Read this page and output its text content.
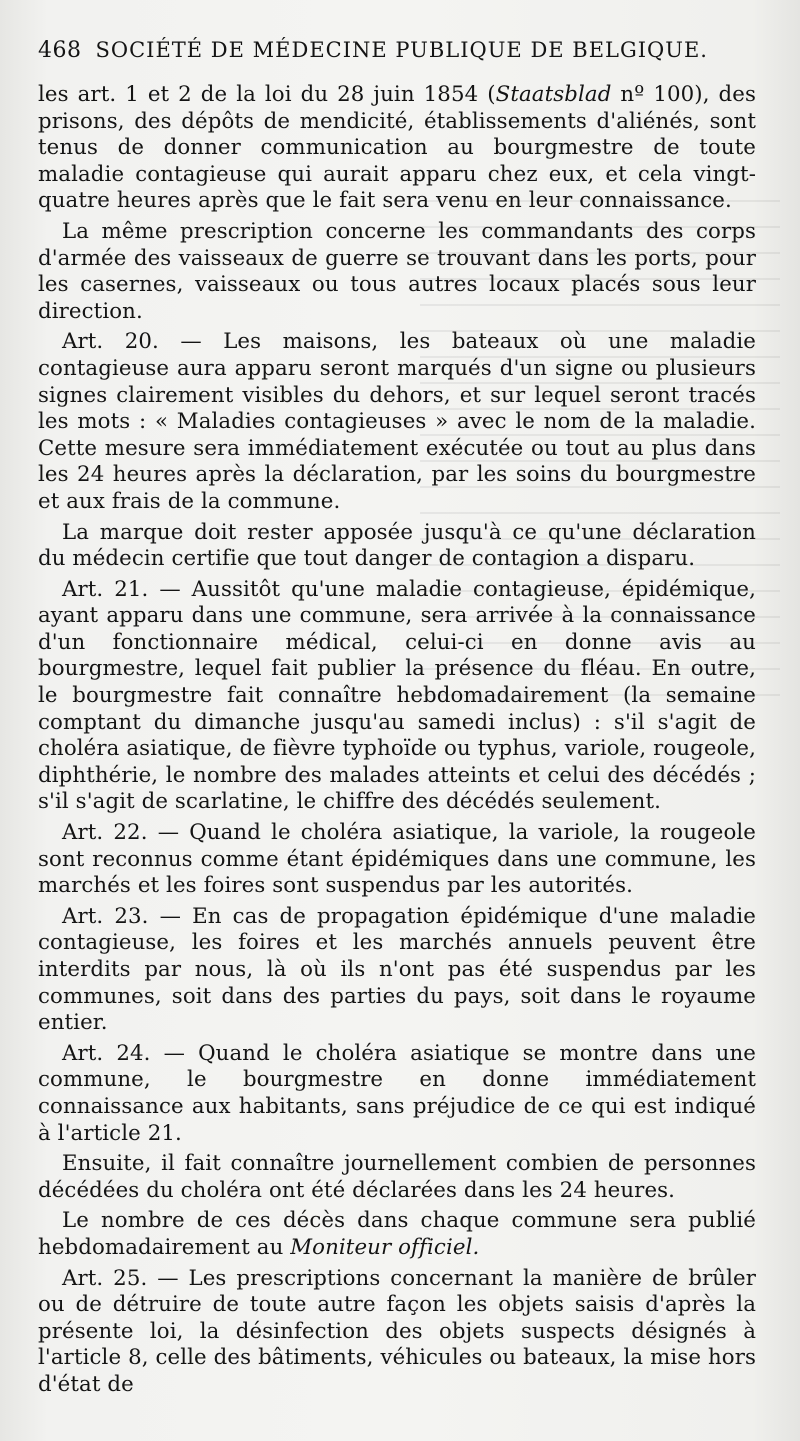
468 SOCIÉTÉ DE MÉDECINE PUBLIQUE DE BELGIQUE.

les art. 1 et 2 de la loi du 28 juin 1854 (Staatsblad nº 100), des prisons, des dépôts de mendicité, établissements d'aliénés, sont tenus de donner communication au bourgmestre de toute maladie contagieuse qui aurait apparu chez eux, et cela vingt-quatre heures après que le fait sera venu en leur connaissance.

La même prescription concerne les commandants des corps d'armée des vaisseaux de guerre se trouvant dans les ports, pour les casernes, vaisseaux ou tous autres locaux placés sous leur direction.

Art. 20. — Les maisons, les bateaux où une maladie contagieuse aura apparu seront marqués d'un signe ou plusieurs signes clairement visibles du dehors, et sur lequel seront tracés les mots : « Maladies contagieuses » avec le nom de la maladie. Cette mesure sera immédiatement exécutée ou tout au plus dans les 24 heures après la déclaration, par les soins du bourgmestre et aux frais de la commune.

La marque doit rester apposée jusqu'à ce qu'une déclaration du médecin certifie que tout danger de contagion a disparu.

Art. 21. — Aussitôt qu'une maladie contagieuse, épidémique, ayant apparu dans une commune, sera arrivée à la connaissance d'un fonctionnaire médical, celui-ci en donne avis au bourgmestre, lequel fait publier la présence du fléau. En outre, le bourgmestre fait connaître hebdomadairement (la semaine comptant du dimanche jusqu'au samedi inclus) : s'il s'agit de choléra asiatique, de fièvre typhoïde ou typhus, variole, rougeole, diphthérie, le nombre des malades atteints et celui des décédés ; s'il s'agit de scarlatine, le chiffre des décédés seulement.

Art. 22. — Quand le choléra asiatique, la variole, la rougeole sont reconnus comme étant épidémiques dans une commune, les marchés et les foires sont suspendus par les autorités.

Art. 23. — En cas de propagation épidémique d'une maladie contagieuse, les foires et les marchés annuels peuvent être interdits par nous, là où ils n'ont pas été suspendus par les communes, soit dans des parties du pays, soit dans le royaume entier.

Art. 24. — Quand le choléra asiatique se montre dans une commune, le bourgmestre en donne immédiatement connaissance aux habitants, sans préjudice de ce qui est indiqué à l'article 21.

Ensuite, il fait connaître journellement combien de personnes décédées du choléra ont été déclarées dans les 24 heures.

Le nombre de ces décès dans chaque commune sera publié hebdomadairement au Moniteur officiel.

Art. 25. — Les prescriptions concernant la manière de brûler ou de détruire de toute autre façon les objets saisis d'après la présente loi, la désinfection des objets suspects désignés à l'article 8, celle des bâtiments, véhicules ou bateaux, la mise hors d'état de
